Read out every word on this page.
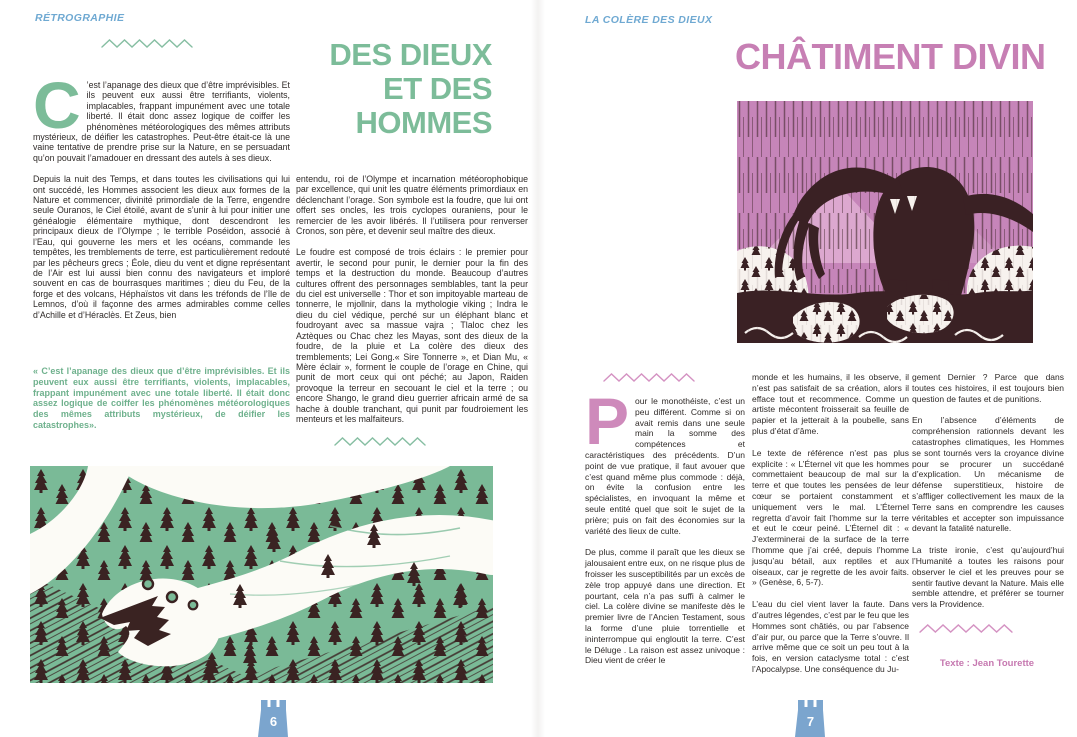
RÉTROGRAPHIE
DES DIEUX
ET DES
HOMMES

C ’est l’apanage des dieux que d’être imprévisibles. Et ils peuvent eux aussi être terrifiants, violents, implacables, frappant impunément avec une totale liberté. Il était donc assez logique de coiffer les phénomènes météorologiques des mêmes attributs mystérieux, de déifier les catastrophes. Peut-être était-ce là une vaine tentative de prendre prise sur la Nature, en se persuadant qu’on pouvait l’amadouer en dressant des autels à ses dieux.

Depuis la nuit des Temps, et dans toutes les civilisations qui lui ont succédé, les Hommes associent les dieux aux formes de la Nature et commencer, divinité primordiale de la Terre, engendre seule Ouranos, le Ciel étoilé, avant de s’unir à lui pour initier une généalogie élémentaire mythique, dont descendront les principaux dieux de l’Olympe ; le terrible Poséidon, associé à l’Eau, qui gouverne les mers et les océans, commande les tempêtes, les tremblements de terre, est particulièrement redouté par les pêcheurs grecs ; Éole, dieu du vent et digne représentant de l’Air est lui aussi bien connu des navigateurs et imploré souvent en cas de bourrasques maritimes ; dieu du Feu, de la forge et des volcans, Héphaïstos vit dans les tréfonds de l’île de Lemnos, d’où il façonne des armes admirables comme celles d’Achille et d’Héraclès. Et Zeus, bien

« C’est l’apanage des dieux que d’être imprévisibles. Et ils peuvent eux aussi être terrifiants, violents, implacables, frappant impunément avec une totale liberté. Il était donc assez logique de coiffer les phénomènes météorologiques des mêmes attributs mystérieux, de déifier les catastrophes».

entendu, roi de l’Olympe et incarnation météorophobique par excellence, qui unit les quatre éléments primordiaux en déclenchant l’orage. Son symbole est la foudre, que lui ont offert ses oncles, les trois cyclopes ouraniens, pour le remercier de les avoir libérés. Il l’utilisera pour renverser Cronos, son père, et devenir seul maître des dieux.

Le foudre est composé de trois éclairs : le premier pour avertir, le second pour punir, le dernier pour la fin des temps et la destruction du monde. Beaucoup d’autres cultures offrent des personnages semblables, tant la peur du ciel est universelle : Thor et son impitoyable marteau de tonnerre, le mjollnir, dans la mythologie viking ; Indra le dieu du ciel védique, perché sur un éléphant blanc et foudroyant avec sa massue vajra ; Tlaloc chez les Aztèques ou Chac chez les Mayas, sont des dieux de la foudre, de la pluie et La colère des dieux des tremblements; Lei Gong.« Sire Tonnerre », et Dian Mu, « Mère éclair », forment le couple de l’orage en Chine, qui punit de mort ceux qui ont péché; au Japon, Raiden provoque la terreur en secouant le ciel et la terre ; ou encore Shango, le grand dieu guerrier africain armé de sa hache à double tranchant, qui punit par foudroiement les menteurs et les malfaiteurs.

6
LA COLÈRE DES DIEUX
CHÂTIMENT DIVIN

Pour le monothéiste, c’est un peu différent. Comme si on avait remis dans une seule main la somme des compétences et caractéristiques des précédents. D’un point de vue pratique, il faut avouer que c’est quand même plus commode : déjà, on évite la confusion entre les spécialistes, en invoquant la même et seule entité quel que soit le sujet de la prière; puis on fait des économies sur la variété des lieux de culte.

De plus, comme il paraît que les dieux se jalousaient entre eux, on ne risque plus de froisser les susceptibilités par un excès de zèle trop appuyé dans une direction. Et pourtant, cela n’a pas suffi à calmer le ciel. La colère divine se manifeste dès le premier livre de l’Ancien Testament, sous la forme d’une pluie torrentielle et ininterrompue qui engloutit la terre. C’est le Déluge . La raison est assez univoque : Dieu vient de créer le

monde et les humains, il les observe, il n’est pas satisfait de sa création, alors il efface tout et recommence. Comme un artiste mécontent froisserait sa feuille de papier et la jetterait à la poubelle, sans plus d’état d’âme.

Le texte de référence n’est pas plus explicite : « L’Éternel vit que les hommes commettaient beaucoup de mal sur la terre et que toutes les pensées de leur cœur se portaient constamment et uniquement vers le mal. L’Éternel regretta d’avoir fait l’homme sur la terre et eut le cœur peiné. L’Éternel dit : « J’exterminerai de la surface de la terre l’homme que j’ai créé, depuis l’homme jusqu’au bétail, aux reptiles et aux oiseaux, car je regrette de les avoir faits. » (Genèse, 6, 5-7).

L’eau du ciel vient laver la faute. Dans d’autres légendes, c’est par le feu que les Hommes sont châtiés, ou par l’absence d’air pur, ou parce que la Terre s’ouvre. Il arrive même que ce soit un peu tout à la fois, en version cataclysme total : c’est l’Apocalypse. Une conséquence du Ju-

gement Dernier ? Parce que dans toutes ces histoires, il est toujours bien question de fautes et de punitions.

En l’absence d’éléments de compréhension rationnels devant les catastrophes climatiques, les Hommes se sont tournés vers la croyance divine pour se procurer un succédané d’explication. Un mécanisme de défense superstitieux, histoire de s’affliger collectivement les maux de la Terre sans en comprendre les causes véritables et accepter son impuissance devant la fatalité naturelle.

La triste ironie, c’est qu’aujourd’hui l’Humanité a toutes les raisons pour observer le ciel et les preuves pour se sentir fautive devant la Nature. Mais elle semble attendre, et préférer se tourner vers la Providence.

Texte : Jean Tourette
7
